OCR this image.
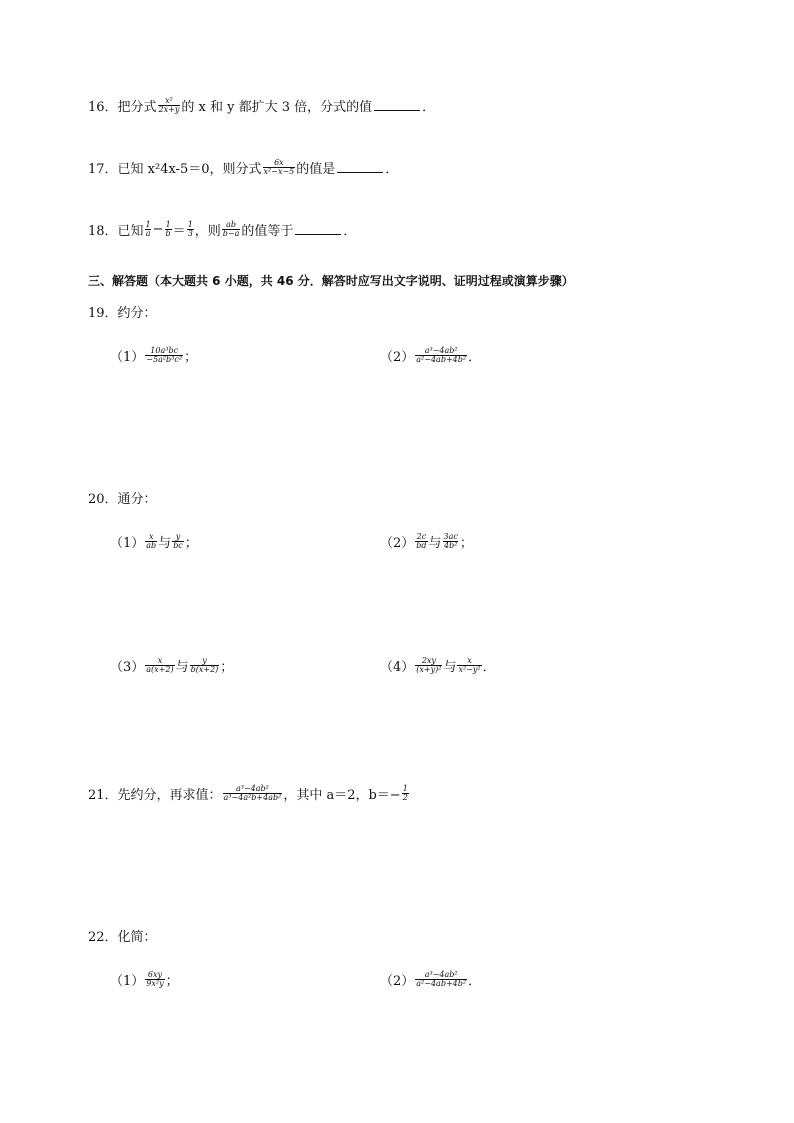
16．把分式 $\frac{\text{x²}}{2x+y}$ 的 x 和 y 都扩大 3 倍，分式的值	．
17．已知 x²4x-5＝0，则分式 $\frac{6x}{\text{x²−x−5}}$ 的值是	．
18．已知 $\frac{1}{a} - \frac{1}{b} = \frac{1}{3}$ ，则 $\frac{ab}{b-a}$ 的值等于	．
三、解答题（本大题共 6 小题，共 46 分．解答时应写出文字说明、证明过程或演算步骤）
19．约分：
$(1) \frac{\text{10a³bc}}{\text{−5a²b³c²}}$ ；	$(2) \frac{\text{a³−4ab²}}{\text{a²−4ab+4b²}}$ ．
20．通分：
$(1) \frac{x}{ab}$ 与 $\frac{y}{bc}$ ；	$(2) \frac{2c}{bd}$ 与 $\frac{3ac}{\text{4b²}}$ ；
$(3) \frac{x}{a(x+2)}$ 与 $\frac{y}{b(x+2)}$ ；	$(4) \frac{2xy}{\text{(x+y)²}}$ 与 $\frac{x}{\text{x²−y²}}$ ．
21．先约分，再求值： $\frac{\text{a³−4ab²}}{\text{a³−4a²b+4ab²}}$ ，其中 a＝2，$b=- \frac{1}{2}$
22．化简：
$(1) \frac{6xy}{\text{9x²y}}$ ；	$(2) \frac{\text{a³−4ab²}}{\text{a²−4ab+4b²}}$ ．
